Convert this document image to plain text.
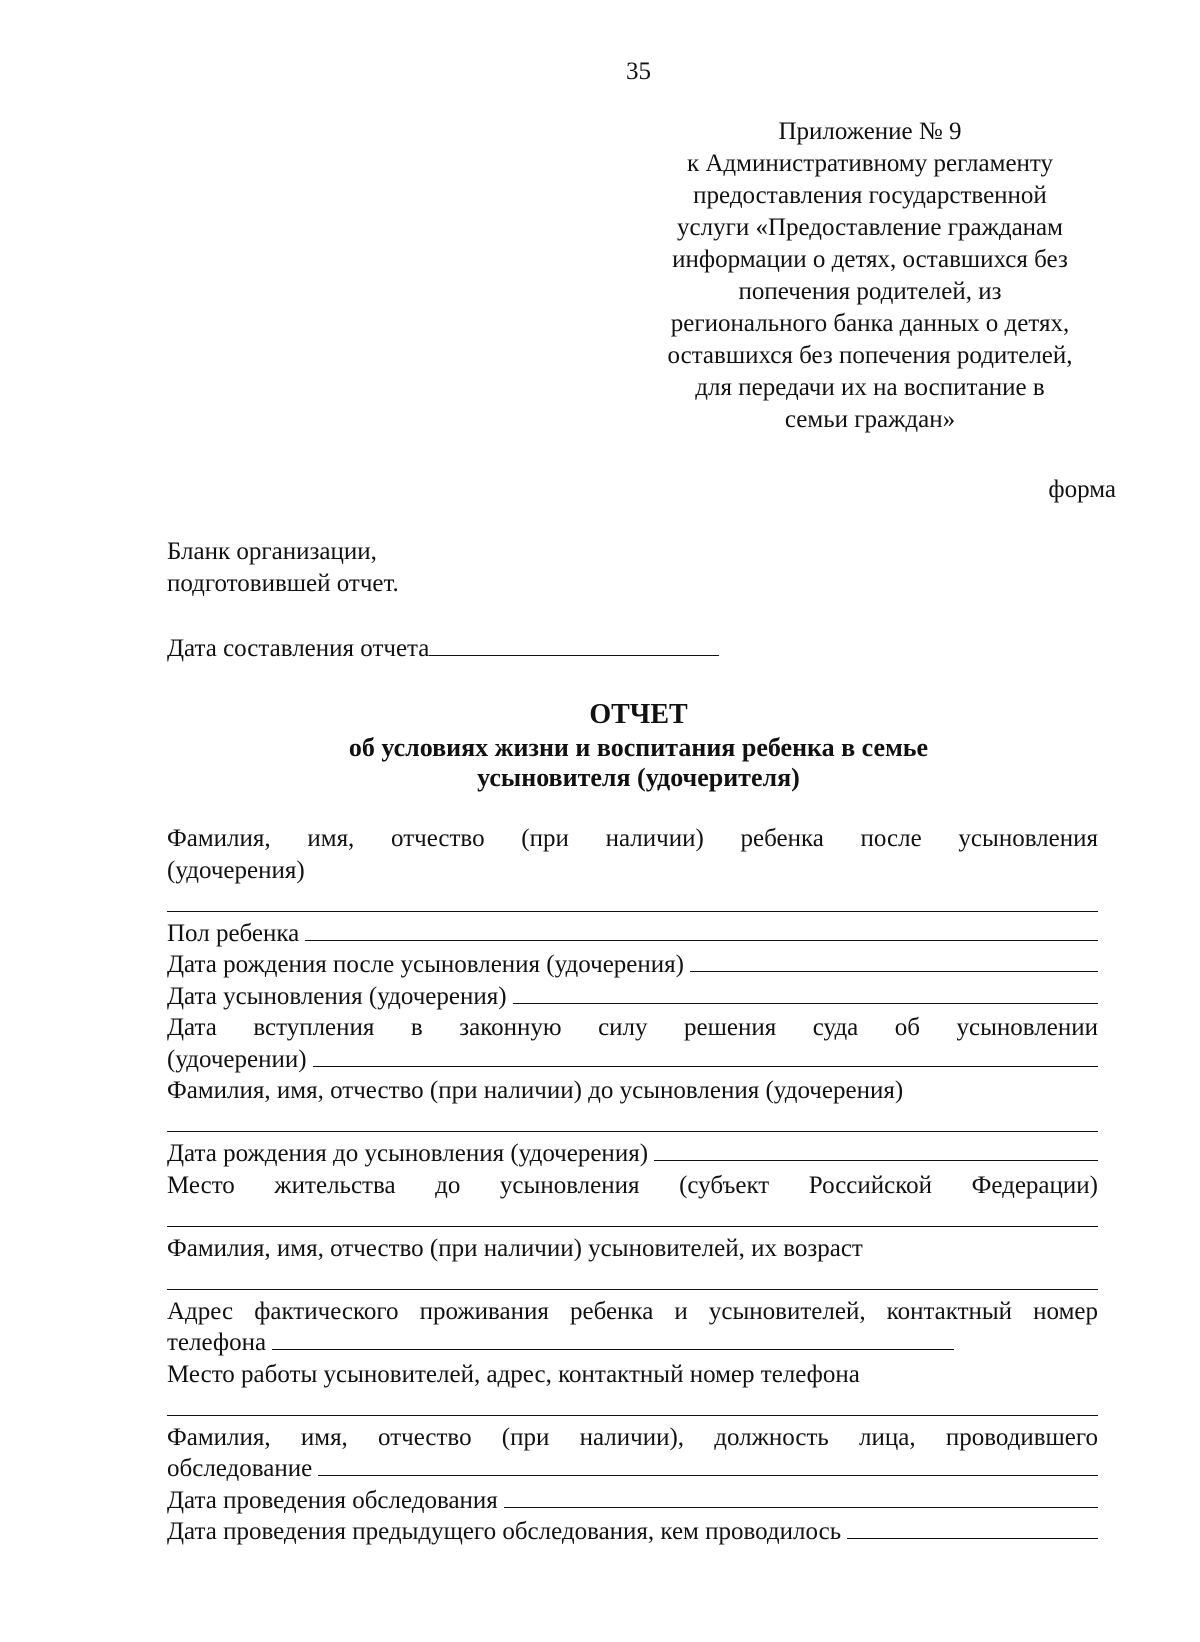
35
Приложение № 9
к Административному регламенту
предоставления государственной
услуги «Предоставление гражданам
информации о детях, оставшихся без
попечения родителей, из
регионального банка данных о детях,
оставшихся без попечения родителей,
для передачи их на воспитание в
семьи граждан»
форма
Бланк организации,
подготовившей отчет.
Дата составления отчета
ОТЧЕТ
об условиях жизни и воспитания ребенка в семье
усыновителя (удочерителя)
Фамилия, имя, отчество (при наличии) ребенка после усыновления
(удочерения)
Пол ребенка
Дата рождения после усыновления (удочерения)
Дата усыновления (удочерения)
Дата вступления в законную силу решения суда об усыновлении
(удочерении)
Фамилия, имя, отчество (при наличии) до усыновления (удочерения)
Дата рождения до усыновления (удочерения)
Место жительства до усыновления (субъект Российской Федерации)
Фамилия, имя, отчество (при наличии) усыновителей, их возраст
Адрес фактического проживания ребенка и усыновителей, контактный номер
телефона
Место работы усыновителей, адрес, контактный номер телефона
Фамилия, имя, отчество (при наличии), должность лица, проводившего
обследование
Дата проведения обследования
Дата проведения предыдущего обследования, кем проводилось
